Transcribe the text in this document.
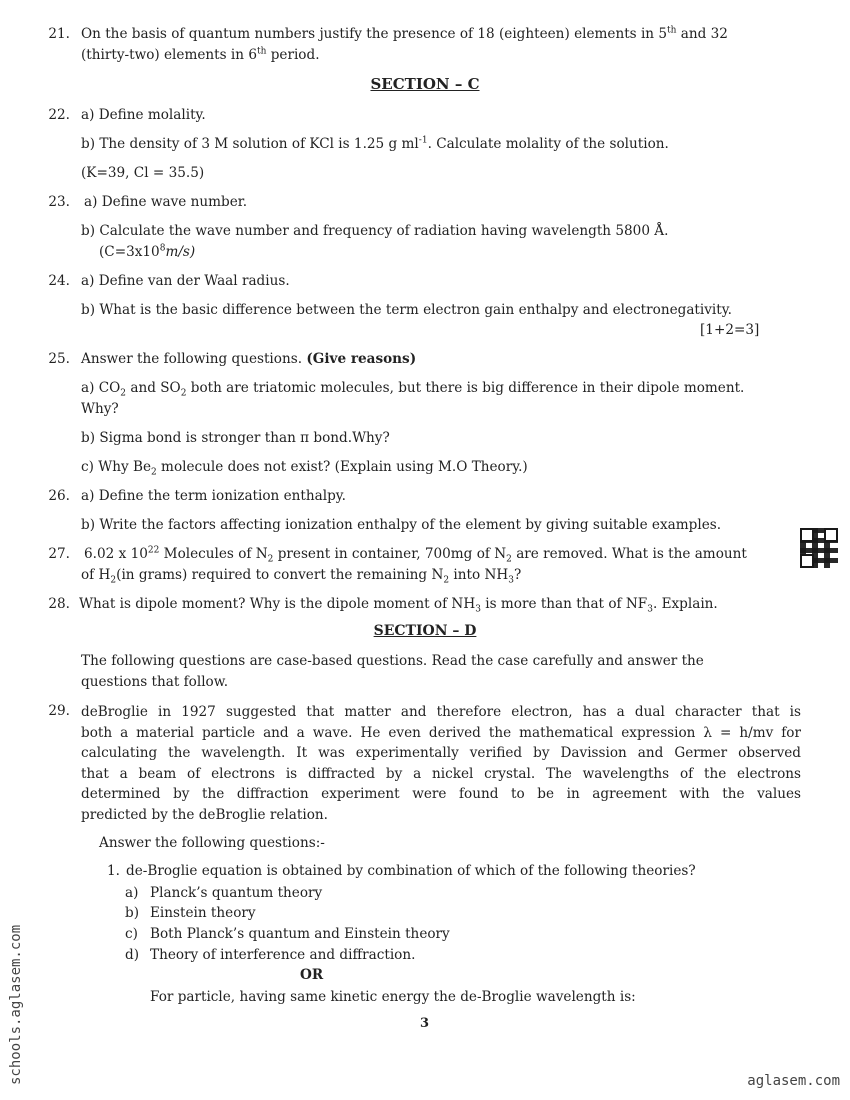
21. On the basis of quantum numbers justify the presence of 18 (eighteen) elements in 5th and 32
(thirty-two) elements in 6th period.
SECTION – C
22. a) Define molality.
b) The density of 3 M solution of KCl is 1.25 g $ml^{-1}$. Calculate molality of the solution.
(K=39, Cl = 35.5)
23. a) Define wave number.
b) Calculate the wave number and frequency of radiation having wavelength 5800 Å.
$(C=3x10^8m/s)$
24. a) Define van der Waal radius.
b) What is the basic difference between the term electron gain enthalpy and electronegativity.
[1+2=3]
25. Answer the following questions. (Give reasons)
a) $CO_2$ and $SO_2$ both are triatomic molecules, but there is big difference in their dipole moment.
Why?
b) Sigma bond is stronger than π bond.Why?
c) Why $Be_2$ molecule does not exist? (Explain using M.O Theory.)
26. a) Define the term ionization enthalpy.
b) Write the factors affecting ionization enthalpy of the element by giving suitable examples.
27. 6.02 x $10^{22}$ Molecules of $N_2$ present in container, 700mg of $N_2$ are removed. What is the amount
of $H_2(in$ grams) required to convert the remaining $N_2$ into $NH_3$?
28. What is dipole moment? Why is the dipole moment of $NH_3$ is more than that of $NF_3$. Explain.
SECTION – D
The following questions are case-based questions. Read the case carefully and answer the
questions that follow.
29. deBroglie in 1927 suggested that matter and therefore electron, has a dual character that is
both a material particle and a wave. He even derived the mathematical expression λ = h/mv for
calculating the wavelength. It was experimentally verified by Davission and Germer observed
that a beam of electrons is diffracted by a nickel crystal. The wavelengths of the electrons
determined by the diffraction experiment were found to be in agreement with the values
predicted by the deBroglie relation.
Answer the following questions:-
1. de-Broglie equation is obtained by combination of which of the following theories?
a) Planck’s quantum theory
b) Einstein theory
c) Both Planck’s quantum and Einstein theory
d) Theory of interference and diffraction.
OR
For particle, having same kinetic energy the de-Broglie wavelength is:
3
schools.aglasem.com	aglasem.com
